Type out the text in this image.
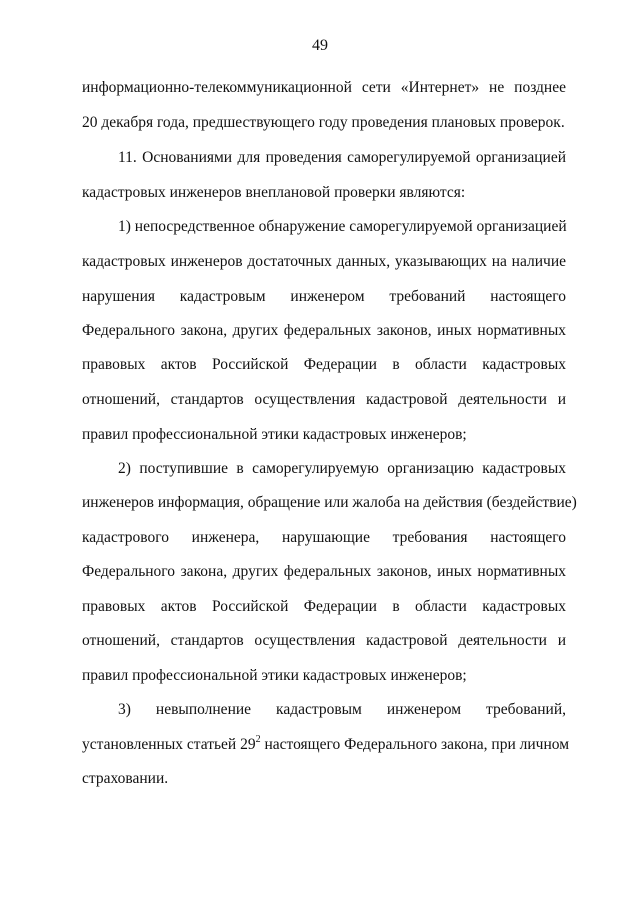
49
информационно-телекоммуникационной сети «Интернет» не позднее
20 декабря года, предшествующего году проведения плановых проверок.
11. Основаниями для проведения саморегулируемой организацией
кадастровых инженеров внеплановой проверки являются:
1) непосредственное обнаружение саморегулируемой организацией
кадастровых инженеров достаточных данных, указывающих на наличие
нарушения кадастровым инженером требований настоящего
Федерального закона, других федеральных законов, иных нормативных
правовых актов Российской Федерации в области кадастровых
отношений, стандартов осуществления кадастровой деятельности и
правил профессиональной этики кадастровых инженеров;
2) поступившие в саморегулируемую организацию кадастровых
инженеров информация, обращение или жалоба на действия (бездействие)
кадастрового инженера, нарушающие требования настоящего
Федерального закона, других федеральных законов, иных нормативных
правовых актов Российской Федерации в области кадастровых
отношений, стандартов осуществления кадастровой деятельности и
правил профессиональной этики кадастровых инженеров;
3) невыполнение кадастровым инженером требований,
установленных статьей $29^2$ настоящего Федерального закона, при личном
страховании.
